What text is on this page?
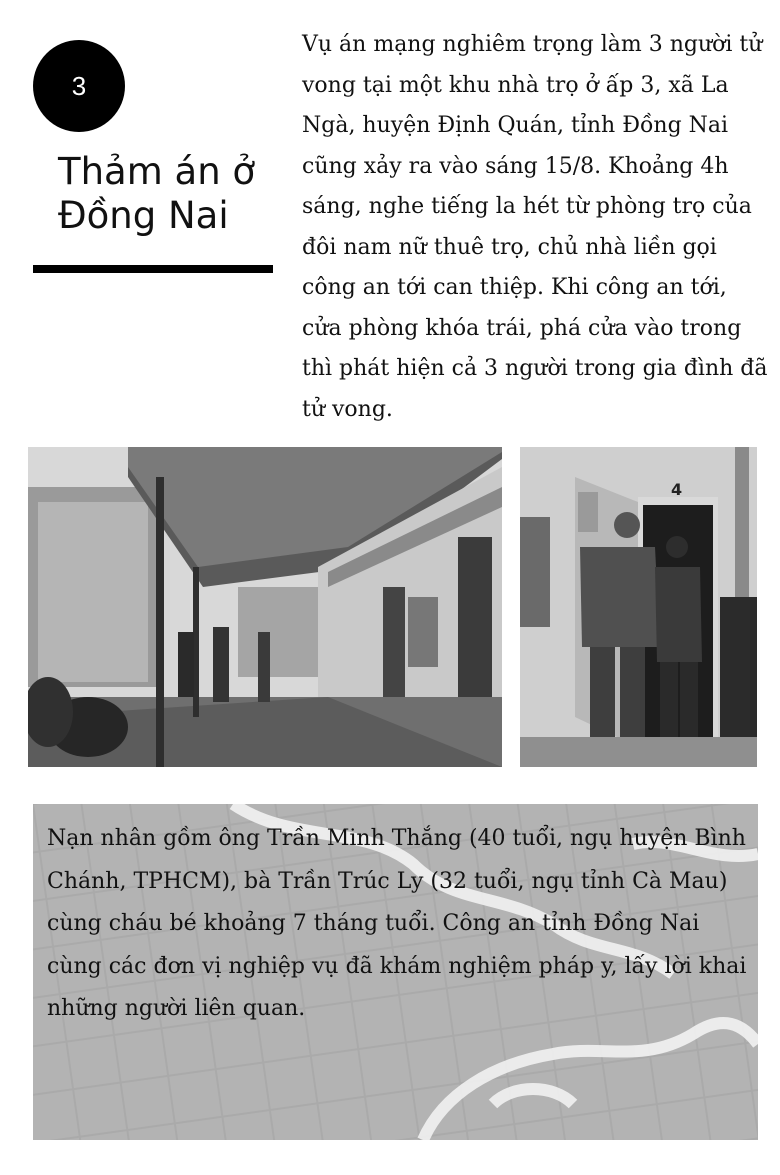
3
Thảm án ở Đồng Nai
Vụ án mạng nghiêm trọng làm 3 người tử vong tại một khu nhà trọ ở ấp 3, xã La Ngà, huyện Định Quán, tỉnh Đồng Nai cũng xảy ra vào sáng 15/8. Khoảng 4h sáng, nghe tiếng la hét từ phòng trọ của đôi nam nữ thuê trọ, chủ nhà liền gọi công an tới can thiệp. Khi công an tới, cửa phòng khóa trái, phá cửa vào trong thì phát hiện cả 3 người trong gia đình đã tử vong.
4
Nạn nhân gồm ông Trần Minh Thắng (40 tuổi, ngụ huyện Bình Chánh, TPHCM), bà Trần Trúc Ly (32 tuổi, ngụ tỉnh Cà Mau) cùng cháu bé khoảng 7 tháng tuổi. Công an tỉnh Đồng Nai cùng các đơn vị nghiệp vụ đã khám nghiệm pháp y, lấy lời khai những người liên quan.
